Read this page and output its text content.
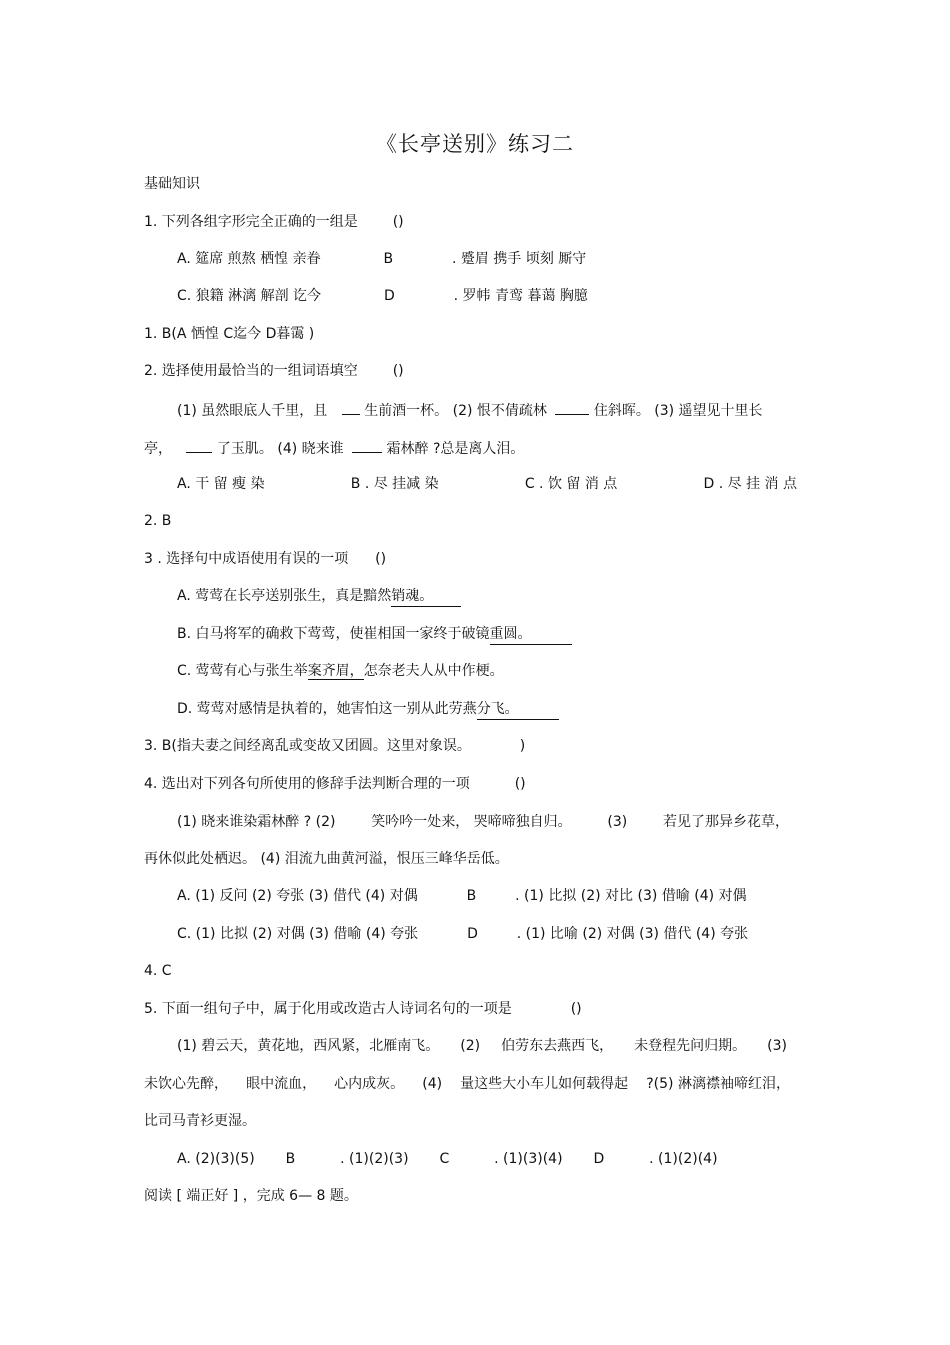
《长亭送别》练习二
基础知识
1. 下列各组字形完全正确的一组是 ()
A. 筵席 煎熬 栖惶 亲眷	B	. 蹙眉 携手 顷刻 厮守
C. 狼籍 淋漓 解剖 讫今	D	. 罗帏 青鸾 暮蔼 胸臆
1. B(A 恓惶 C迄今 D暮霭 )
2. 选择使用最恰当的一组词语填空 ()
(1) 虽然眼底人千里，且	生前酒一杯。 (2) 恨不倩疏林	住斜晖。 (3) 遥望见十里长
亭，	了玉肌。 (4) 晓来谁	霜林醉 ?总是离人泪。
A. 干 留 瘦 染	B . 尽 挂减 染	C . 饮 留 消 点	D . 尽 挂 消 点
2. B
3 . 选择句中成语使用有误的一项 ()
A. 莺莺在长亭送别张生，真是黯然销魂。
B. 白马将军的确救下莺莺，使崔相国一家终于破镜重圆。
C. 莺莺有心与张生举案齐眉，怎奈老夫人从中作梗。
D. 莺莺对感情是执着的，她害怕这一别从此劳燕分飞。
3. B(指夫妻之间经离乱或变故又团圆。这里对象误。	)
4. 选出对下列各句所使用的修辞手法判断合理的一项	()
(1) 晓来谁染霜林醉 ? (2)	笑吟吟一处来， 哭啼啼独自归。	(3)	若见了那异乡花草，
再休似此处栖迟。 (4) 泪流九曲黄河溢，恨压三峰华岳低。
A. (1) 反问 (2) 夸张 (3) 借代 (4) 对偶	B	. (1) 比拟 (2) 对比 (3) 借喻 (4) 对偶
C. (1) 比拟 (2) 对偶 (3) 借喻 (4) 夸张	D	. (1) 比喻 (2) 对偶 (3) 借代 (4) 夸张
4. C
5. 下面一组句子中，属于化用或改造古人诗词名句的一项是	()
(1) 碧云天，黄花地，西风紧，北雁南飞。 (2) 伯劳东去燕西飞， 未登程先问归期。 (3)
未饮心先醉， 眼中流血， 心内成灰。 (4) 量这些大小车儿如何载得起 ?(5) 淋漓襟袖啼红泪，
比司马青衫更湿。
A. (2)(3)(5) B	. (1)(2)(3) C	. (1)(3)(4) D	. (1)(2)(4)
阅读 [ 端正好 ] ，完成 6— 8 题。
